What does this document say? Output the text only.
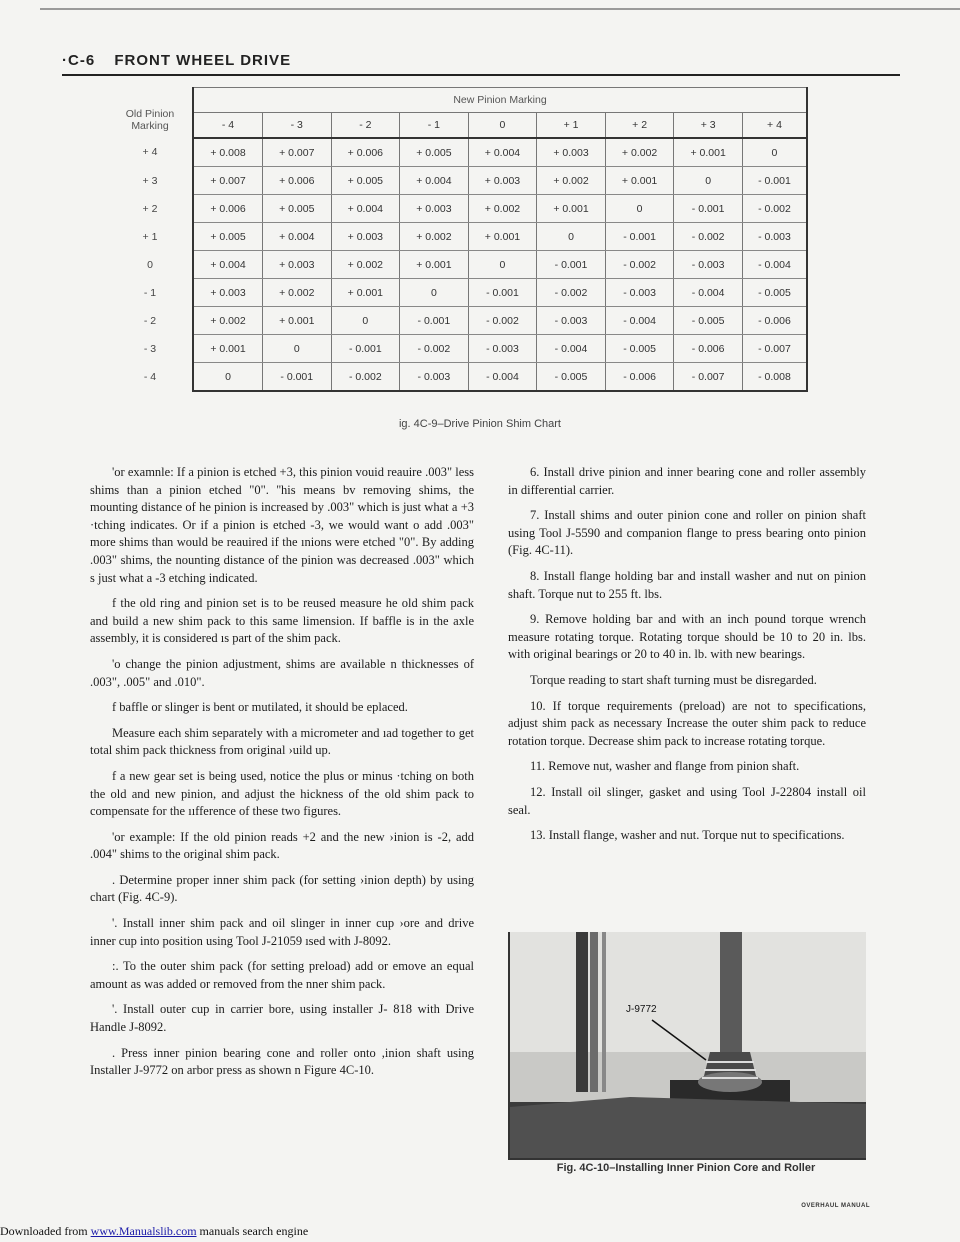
·C-6 FRONT WHEEL DRIVE
Old Pinion Marking	New Pinion Marking								
	- 4	- 3	- 2	- 1	0	+ 1	+ 2	+ 3	+ 4
+ 4	+ 0.008	+ 0.007	+ 0.006	+ 0.005	+ 0.004	+ 0.003	+ 0.002	+ 0.001	0
+ 3	+ 0.007	+ 0.006	+ 0.005	+ 0.004	+ 0.003	+ 0.002	+ 0.001	0	- 0.001
+ 2	+ 0.006	+ 0.005	+ 0.004	+ 0.003	+ 0.002	+ 0.001	0	- 0.001	- 0.002
+ 1	+ 0.005	+ 0.004	+ 0.003	+ 0.002	+ 0.001	0	- 0.001	- 0.002	- 0.003
0	+ 0.004	+ 0.003	+ 0.002	+ 0.001	0	- 0.001	- 0.002	- 0.003	- 0.004
- 1	+ 0.003	+ 0.002	+ 0.001	0	- 0.001	- 0.002	- 0.003	- 0.004	- 0.005
- 2	+ 0.002	+ 0.001	0	- 0.001	- 0.002	- 0.003	- 0.004	- 0.005	- 0.006
- 3	+ 0.001	0	- 0.001	- 0.002	- 0.003	- 0.004	- 0.005	- 0.006	- 0.007
- 4	0	- 0.001	- 0.002	- 0.003	- 0.004	- 0.005	- 0.006	- 0.007	- 0.008
ig. 4C-9–Drive Pinion Shim Chart

'or examnle: If a pinion is etched +3, this pinion vouid reauire .003" less shims than a pinion etched "0". ''his means bv removing shims, the mounting distance of he pinion is increased by .003" which is just what a +3 ·tching indicates. Or if a pinion is etched -3, we would want o add .003" more shims than would be reauired if the ınions were etched "0". By adding .003" shims, the nounting distance of the pinion was decreased .003" which s just what a -3 etching indicated.

f the old ring and pinion set is to be reused measure he old shim pack and build a new shim pack to this same limension. If baffle is in the axle assembly, it is considered ıs part of the shim pack.

'o change the pinion adjustment, shims are available n thicknesses of .003", .005" and .010".

f baffle or slinger is bent or mutilated, it should be eplaced.

Measure each shim separately with a micrometer and ıad together to get total shim pack thickness from original ›uild up.

f a new gear set is being used, notice the plus or minus ·tching on both the old and new pinion, and adjust the hickness of the old shim pack to compensate for the ııfference of these two figures.

'or example: If the old pinion reads +2 and the new ›inion is -2, add .004" shims to the original shim pack.

. Determine proper inner shim pack (for setting ›inion depth) by using chart (Fig. 4C-9).

'. Install inner shim pack and oil slinger in inner cup ›ore and drive inner cup into position using Tool J-21059 ısed with J-8092.

:. To the outer shim pack (for setting preload) add or emove an equal amount as was added or removed from the nner shim pack.

'. Install outer cup in carrier bore, using installer J- 818 with Drive Handle J-8092.

. Press inner pinion bearing cone and roller onto ,inion shaft using Installer J-9772 on arbor press as shown n Figure 4C-10.

6. Install drive pinion and inner bearing cone and roller assembly in differential carrier.

7. Install shims and outer pinion cone and roller on pinion shaft using Tool J-5590 and companion flange to press bearing onto pinion (Fig. 4C-11).

8. Install flange holding bar and install washer and nut on pinion shaft. Torque nut to 255 ft. lbs.

9. Remove holding bar and with an inch pound torque wrench measure rotating torque. Rotating torque should be 10 to 20 in. lbs. with original bearings or 20 to 40 in. lb. with new bearings.

Torque reading to start shaft turning must be disregarded.

10. If torque requirements (preload) are not to specifications, adjust shim pack as necessary Increase the outer shim pack to reduce rotation torque. Decrease shim pack to increase rotating torque.

11. Remove nut, washer and flange from pinion shaft.

12. Install oil slinger, gasket and using Tool J-22804 install oil seal.

13. Install flange, washer and nut. Torque nut to specifications.

J-9772
Fig. 4C-10–Installing Inner Pinion Core and Roller
Downloaded from www.Manualslib.com manuals search engine
OVERHAUL MANUAL
